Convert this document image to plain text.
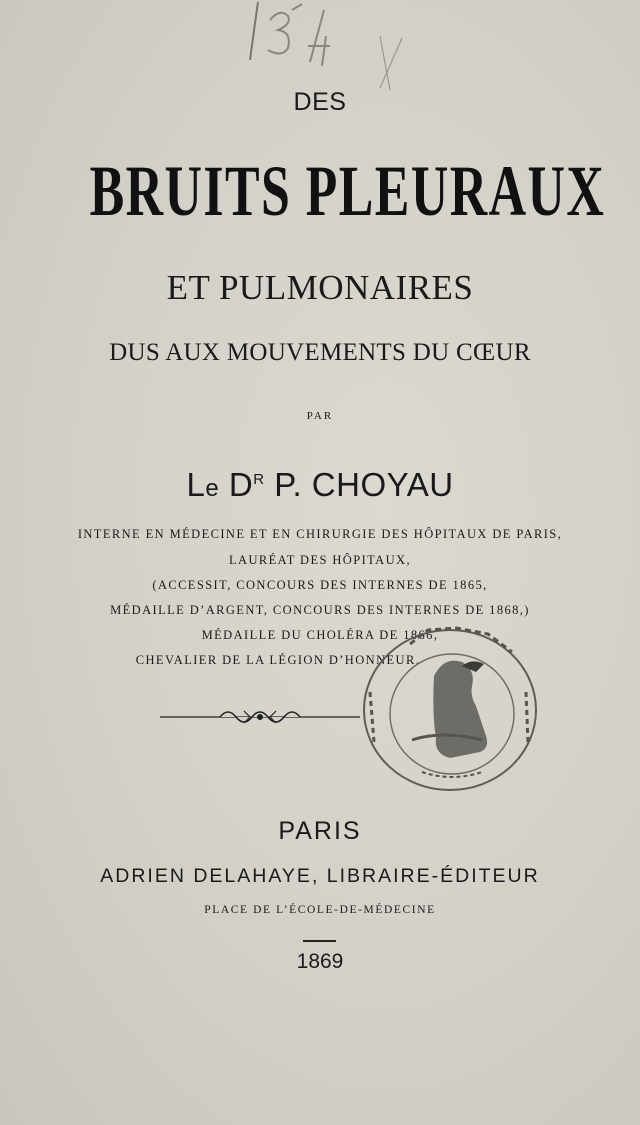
DES
BRUITS PLEURAUX
ET PULMONAIRES
DUS AUX MOUVEMENTS DU CŒUR
PAR
Le $D^R$ P. CHOYAU
INTERNE EN MÉDECINE ET EN CHIRURGIE DES HÔPITAUX DE PARIS,
LAURÉAT DES HÔPITAUX,
(ACCESSIT, CONCOURS DES INTERNES DE 1865,
MÉDAILLE D’ARGENT, CONCOURS DES INTERNES DE 1868,)
MÉDAILLE DU CHOLÉRA DE 1866,
CHEVALIER DE LA LÉGION D’HONNEUR.
PARIS
ADRIEN DELAHAYE, LIBRAIRE-ÉDITEUR
PLACE DE L’ÉCOLE-DE-MÉDECINE
1869
